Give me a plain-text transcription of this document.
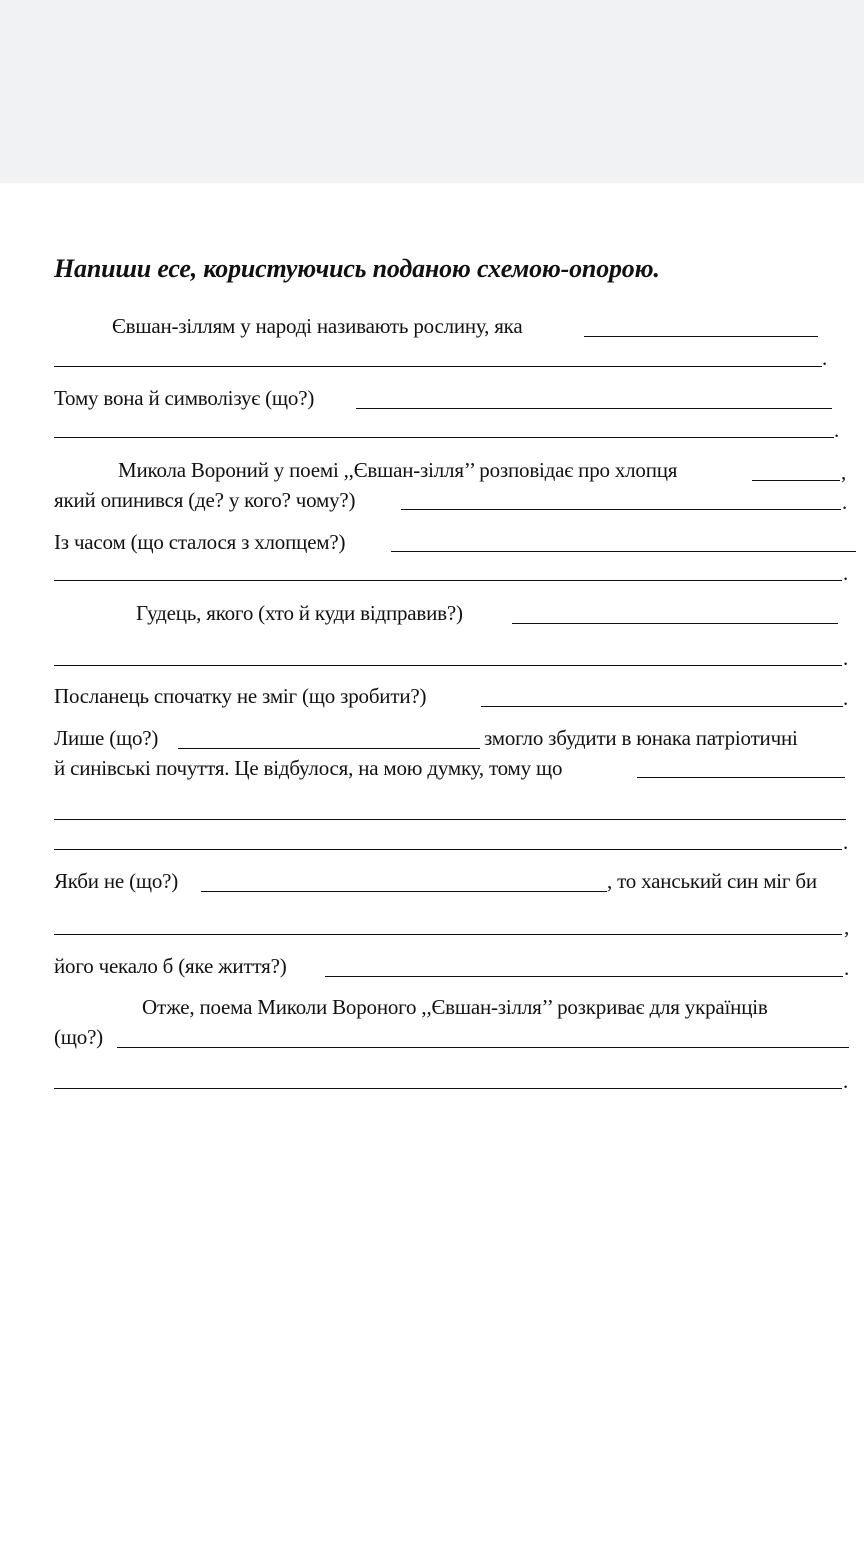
Напиши есе, користуючись поданою схемою-опорою.
Євшан-зіллям у народі називають рослину, яка
.
Тому вона й символізує (що?)
.
Микола Вороний у поемі ,,Євшан-зілля’’ розповідає про хлопця	,
який опинився (де? у кого? чому?)	.
Із часом (що сталося з хлопцем?)
.
Гудець, якого (хто й куди відправив?)
.
Посланець спочатку не зміг (що зробити?)	.
Лише (що?)	змогло збудити в юнака патріотичні
й синівські почуття. Це відбулося, на мою думку, тому що
.
Якби не (що?)	, то ханський син міг би
,
його чекало б (яке життя?)	.
Отже, поема Миколи Вороного ,,Євшан-зілля’’ розкриває для українців
(що?)
.
